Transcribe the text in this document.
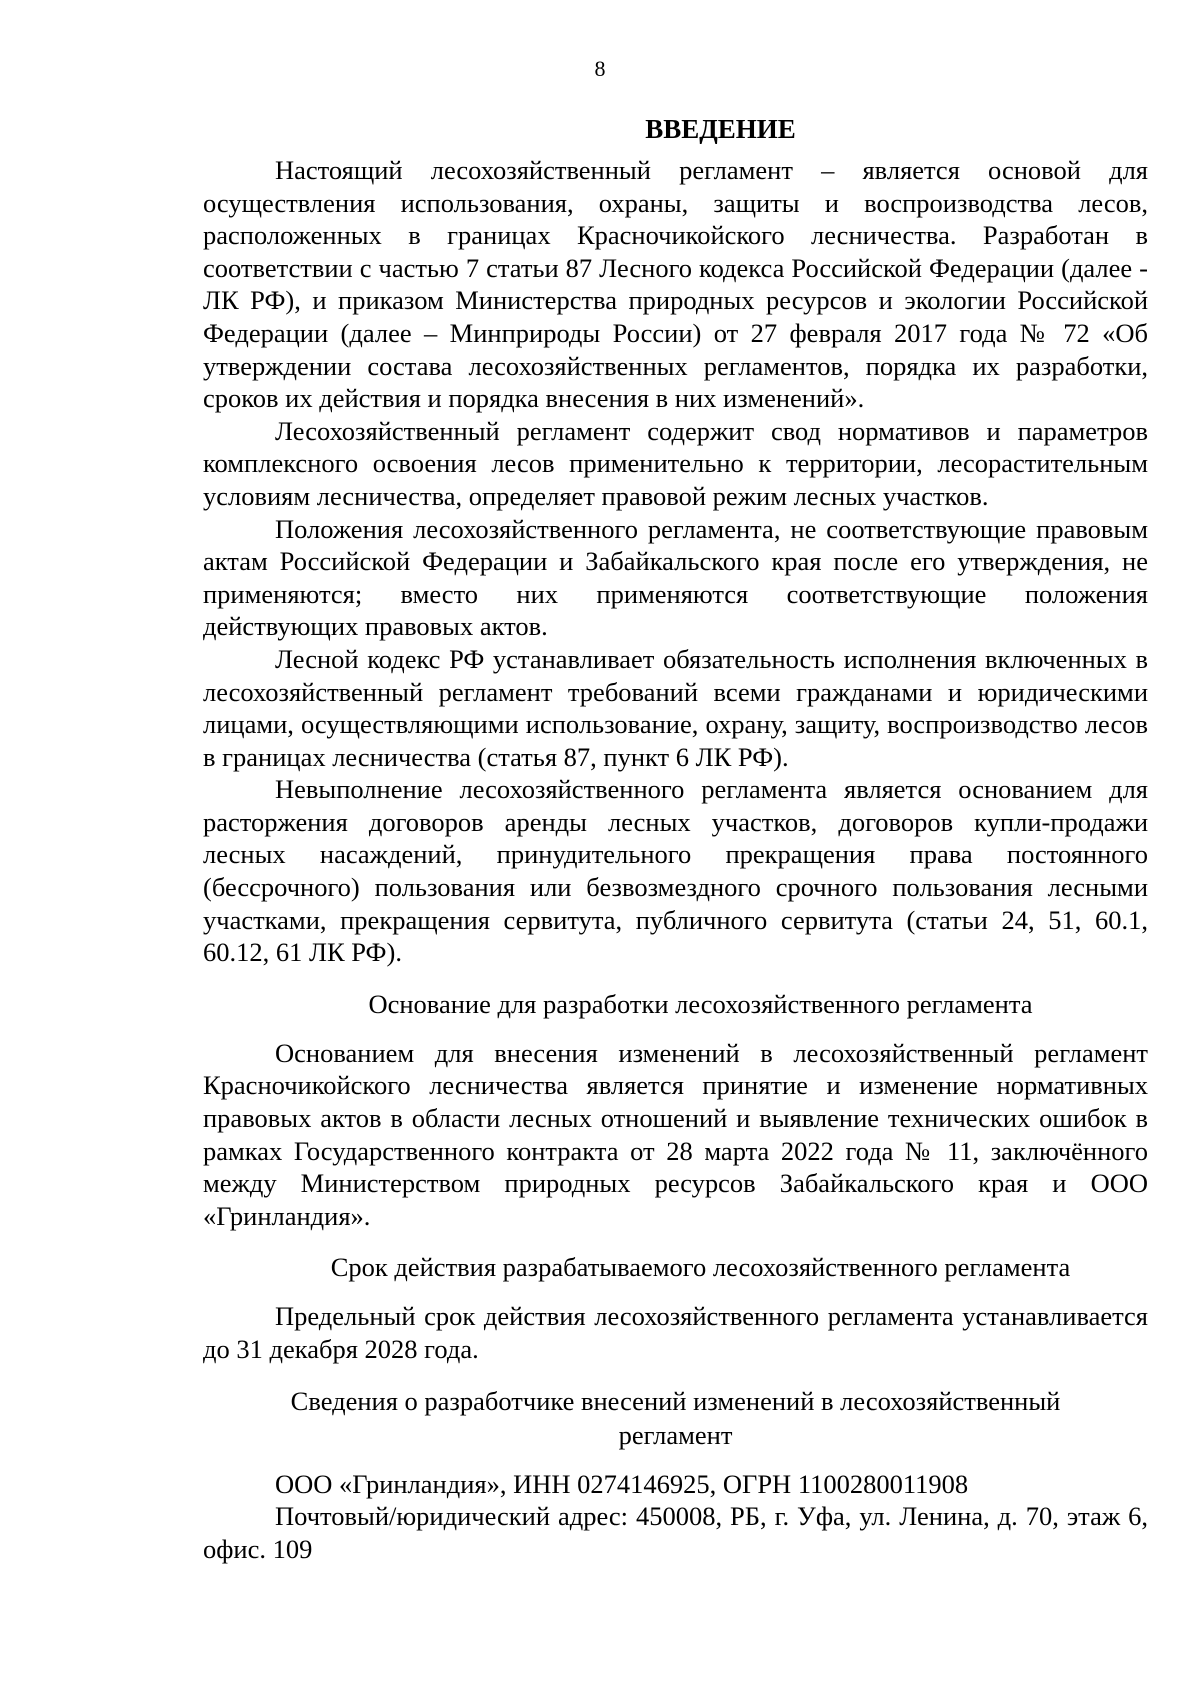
8
ВВЕДЕНИЕ

Настоящий лесохозяйственный регламент – является основой для осуществления использования, охраны, защиты и воспроизводства лесов, расположенных в границах Красночикойского лесничества. Разработан в соответствии с частью 7 статьи 87 Лесного кодекса Российской Федерации (далее - ЛК РФ), и приказом Министерства природных ресурсов и экологии Российской Федерации (далее – Минприроды России) от 27 февраля 2017 года № 72 «Об утверждении состава лесохозяйственных регламентов, порядка их разработки, сроков их действия и порядка внесения в них изменений».

Лесохозяйственный регламент содержит свод нормативов и параметров комплексного освоения лесов применительно к территории, лесорастительным условиям лесничества, определяет правовой режим лесных участков.

Положения лесохозяйственного регламента, не соответствующие правовым актам Российской Федерации и Забайкальского края после его утверждения, не применяются; вместо них применяются соответствующие положения действующих правовых актов.

Лесной кодекс РФ устанавливает обязательность исполнения включенных в лесохозяйственный регламент требований всеми гражданами и юридическими лицами, осуществляющими использование, охрану, защиту, воспроизводство лесов в границах лесничества (статья 87, пункт 6 ЛК РФ).

Невыполнение лесохозяйственного регламента является основанием для расторжения договоров аренды лесных участков, договоров купли-продажи лесных насаждений, принудительного прекращения права постоянного (бессрочного) пользования или безвозмездного срочного пользования лесными участками, прекращения сервитута, публичного сервитута (статьи 24, 51, 60.1, 60.12, 61 ЛК РФ).

Основание для разработки лесохозяйственного регламента

Основанием для внесения изменений в лесохозяйственный регламент Красночикойского лесничества является принятие и изменение нормативных правовых актов в области лесных отношений и выявление технических ошибок в рамках Государственного контракта от 28 марта 2022 года № 11, заключённого между Министерством природных ресурсов Забайкальского края и ООО «Гринландия».

Срок действия разрабатываемого лесохозяйственного регламента

Предельный срок действия лесохозяйственного регламента устанавливается до 31 декабря 2028 года.

Сведения о разработчике внесений изменений в лесохозяйственный регламент

ООО «Гринландия», ИНН 0274146925, ОГРН 1100280011908

Почтовый/юридический адрес: 450008, РБ, г. Уфа, ул. Ленина, д. 70, этаж 6, офис. 109
